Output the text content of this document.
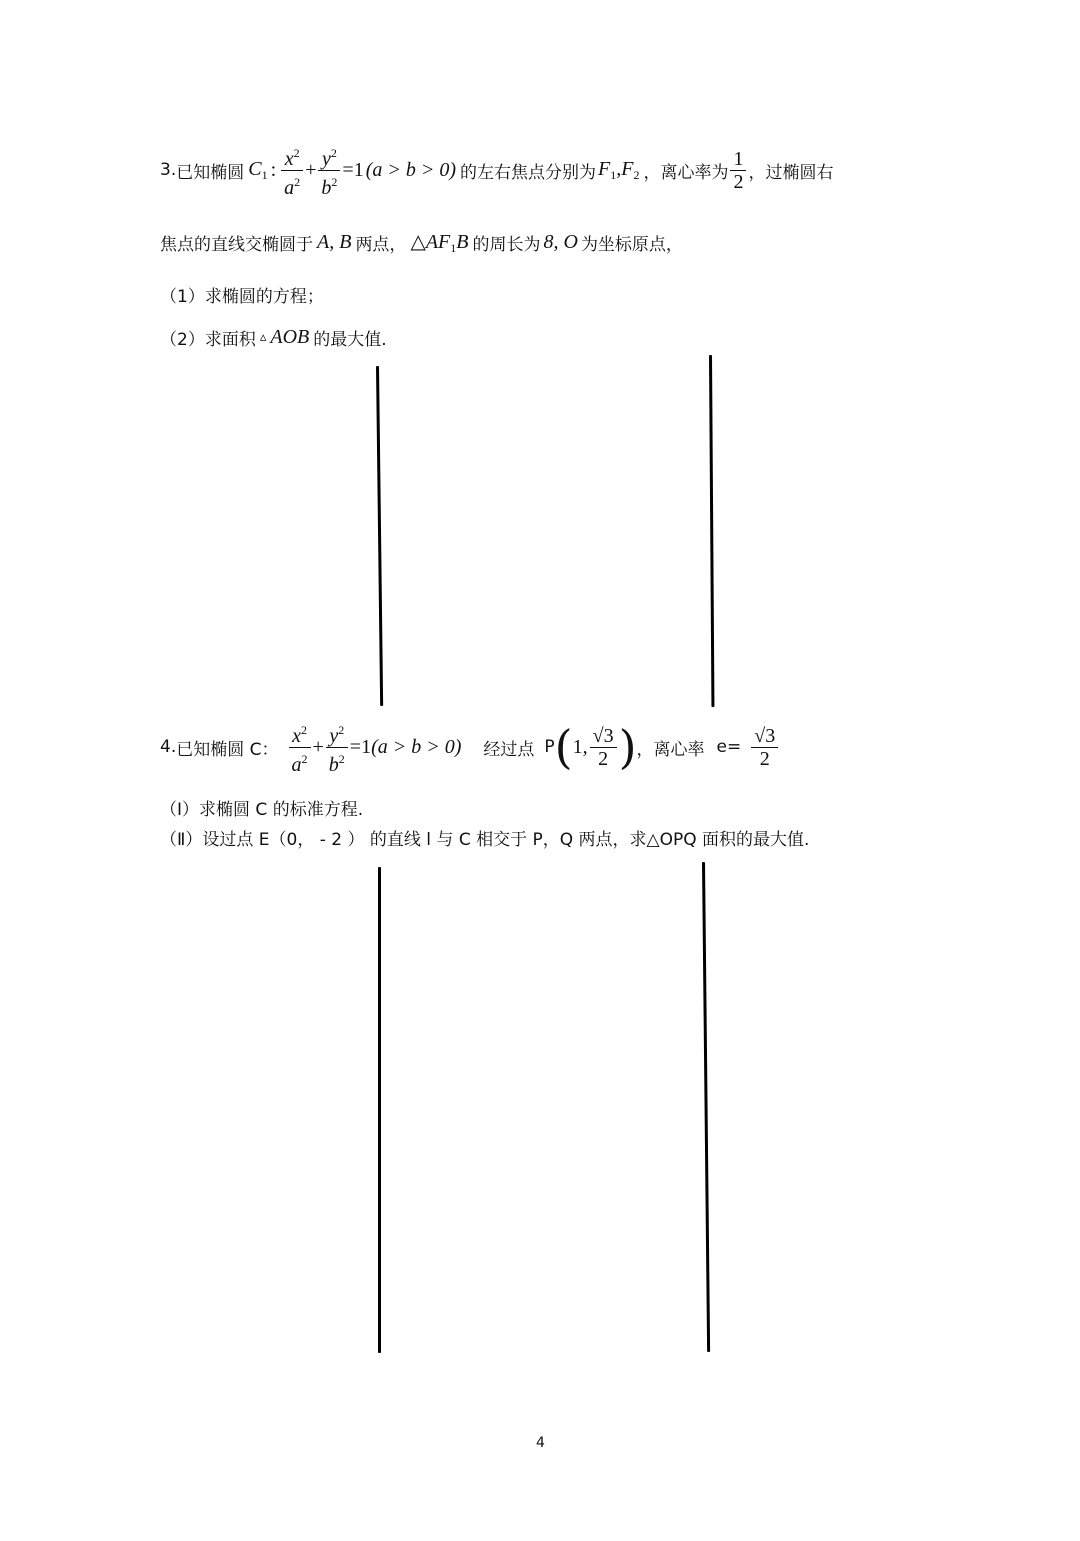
3. 已知椭圆 $C_1$ : $\frac{x^2}{a^2} + \frac{y^2}{b^2} =1$ (a > b > 0) 的左右焦点分别为 $F_1,F_2$ ，离心率为 $\frac{1}{2}$ ，过椭圆右
焦点的直线交椭圆于 A, B 两点， $\triangle AF_1B$ 的周长为 8, O 为坐标原点，
（1）求椭圆的方程；
（2）求面积 ▵ AOB 的最大值.
4. 已知椭圆 C： $\frac{x^2}{a^2} + \frac{y^2}{b^2} =1$ (a > b > 0) 经过点 P ( 1, $\frac{√3}{2}$ ) ，离心率 $e= \frac{√3}{2}$
（Ⅰ）求椭圆 C 的标准方程.
（Ⅱ）设过点 E（0， - 2 ） 的直线 l 与 C 相交于 P，Q 两点，求△OPQ 面积的最大值.
4
